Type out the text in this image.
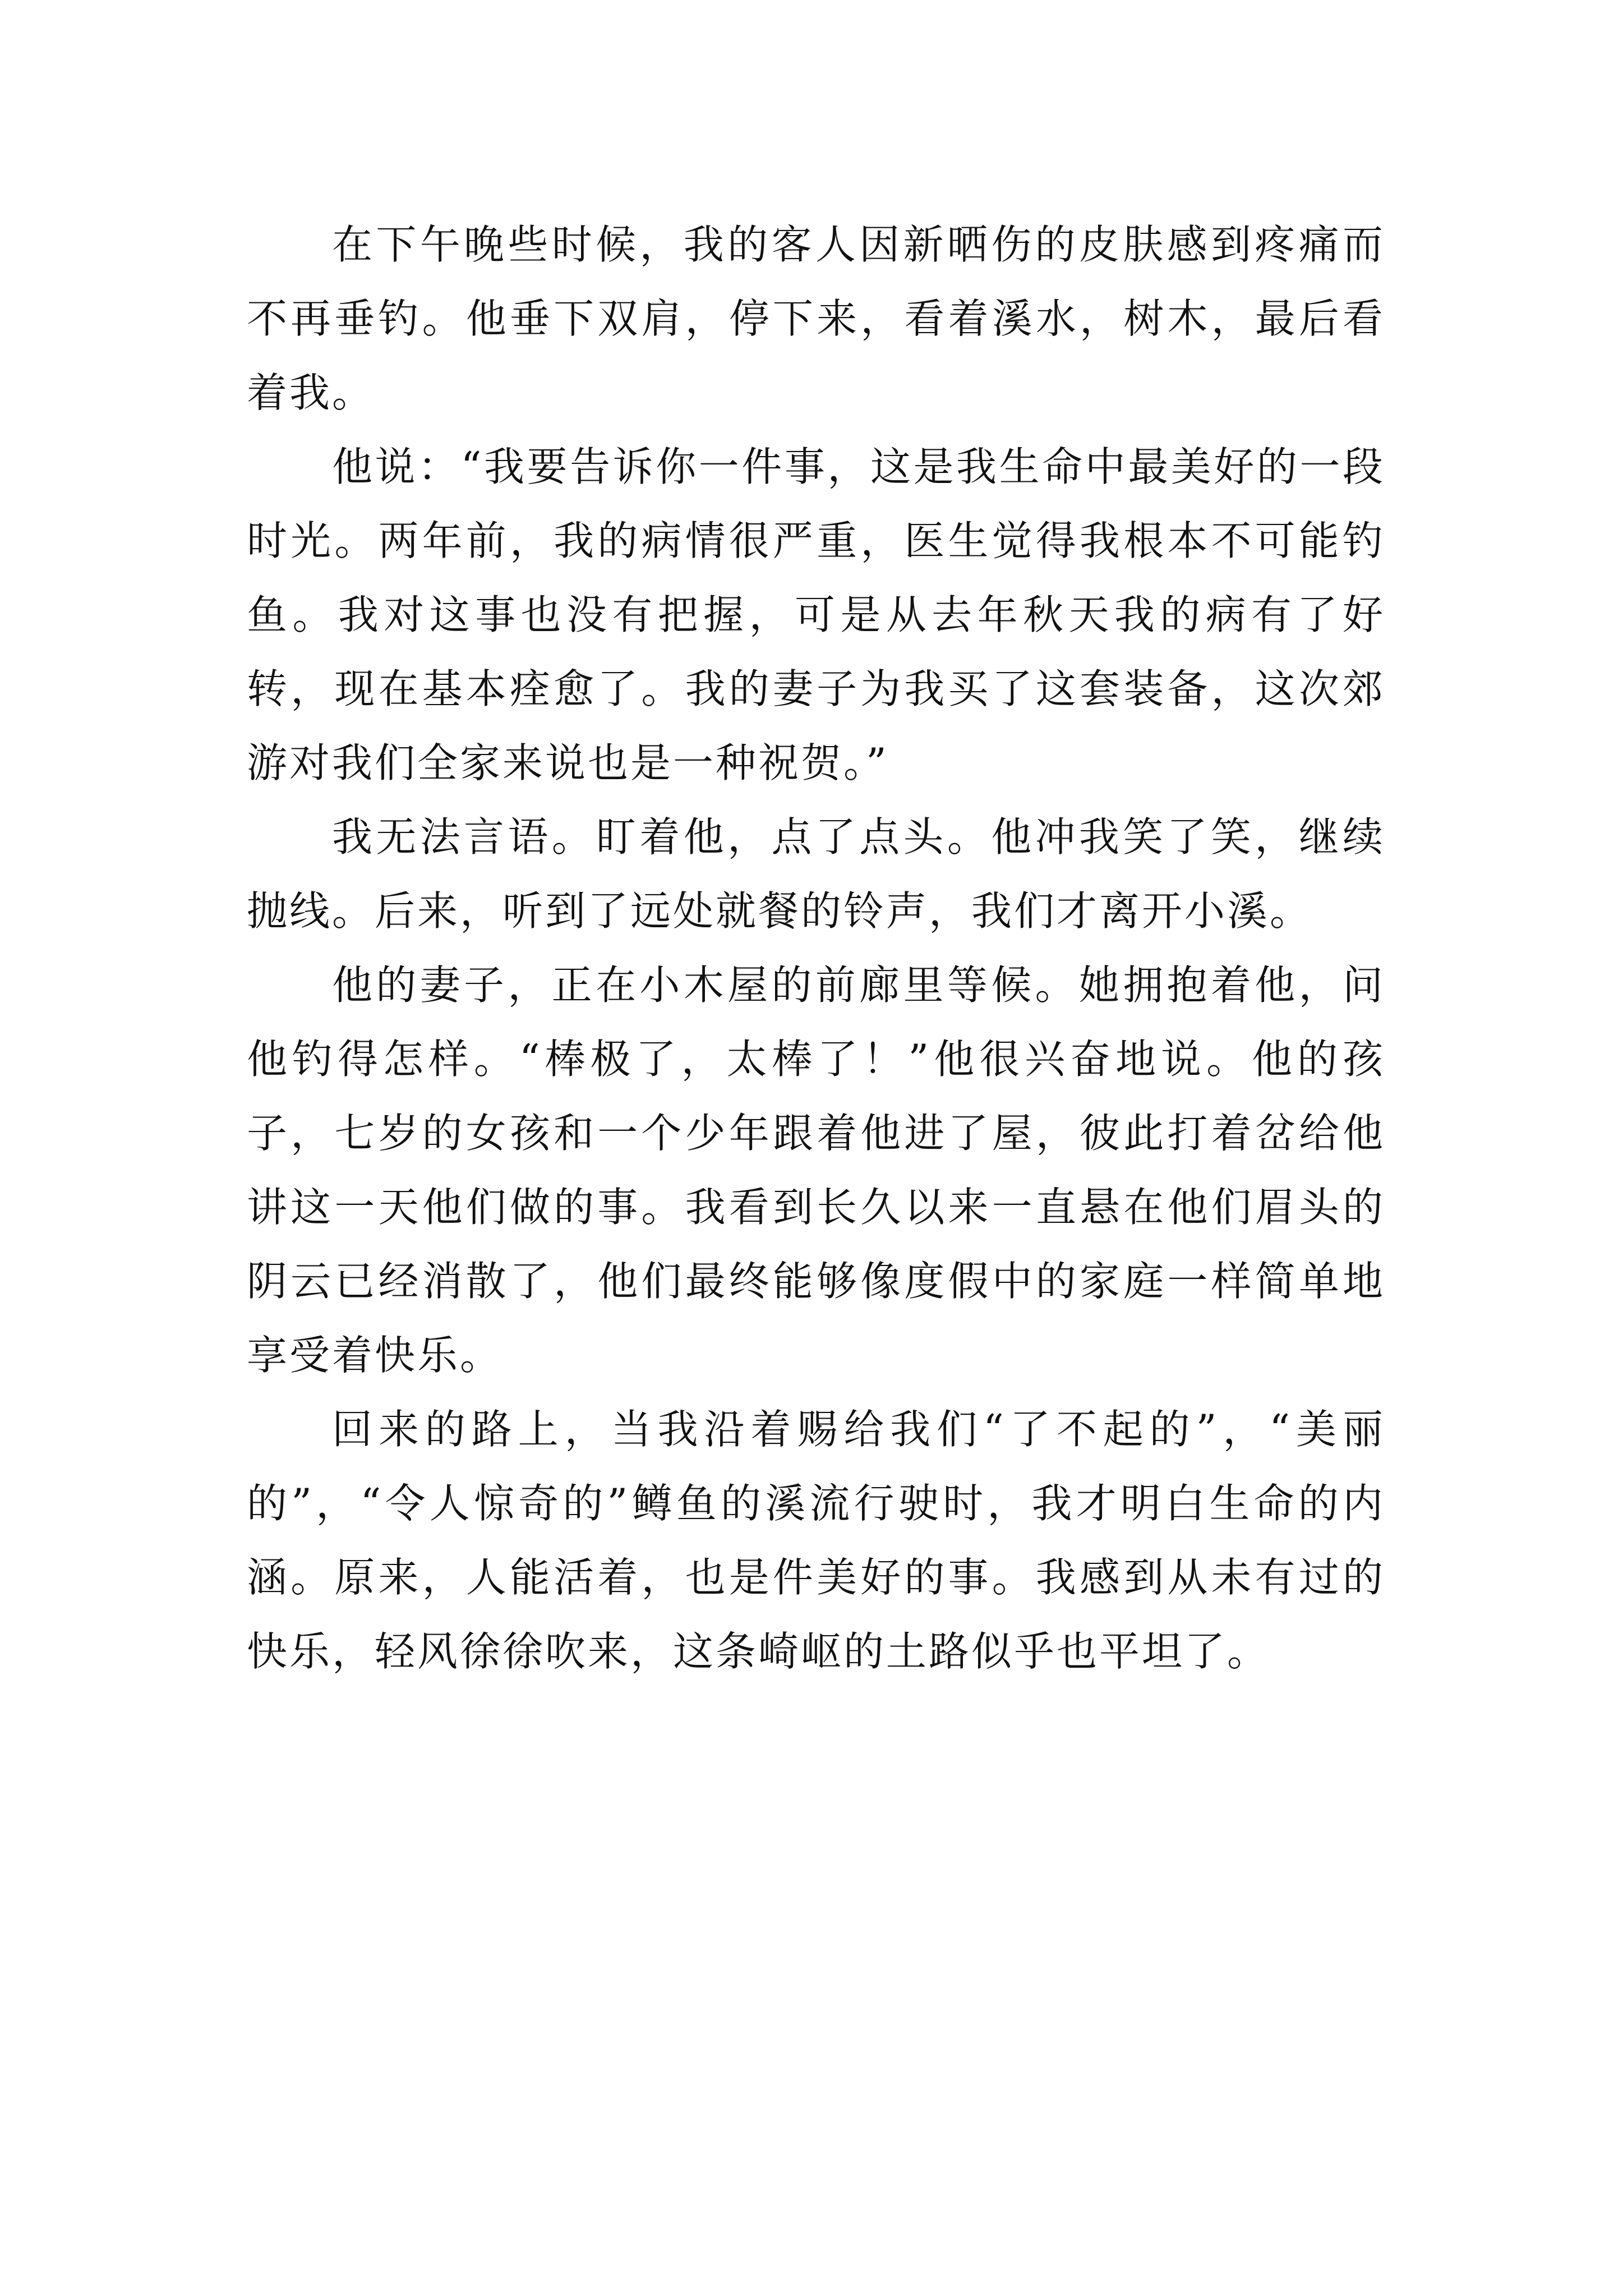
在下午晚些时候，我的客人因新晒伤的皮肤感到疼痛而不再垂钓。他垂下双肩，停下来，看着溪水，树木，最后看着我。

他说：“我要告诉你一件事，这是我生命中最美好的一段时光。两年前，我的病情很严重，医生觉得我根本不可能钓鱼。我对这事也没有把握，可是从去年秋天我的病有了好转，现在基本痊愈了。我的妻子为我买了这套装备，这次郊游对我们全家来说也是一种祝贺。”

我无法言语。盯着他，点了点头。他冲我笑了笑，继续抛线。后来，听到了远处就餐的铃声，我们才离开小溪。

他的妻子，正在小木屋的前廊里等候。她拥抱着他，问他钓得怎样。“棒极了，太棒了！”他很兴奋地说。他的孩子，七岁的女孩和一个少年跟着他进了屋，彼此打着岔给他讲这一天他们做的事。我看到长久以来一直悬在他们眉头的阴云已经消散了，他们最终能够像度假中的家庭一样简单地享受着快乐。

回来的路上，当我沿着赐给我们“了不起的”，“美丽的”，“令人惊奇的”鳟鱼的溪流行驶时，我才明白生命的内涵。原来，人能活着，也是件美好的事。我感到从未有过的快乐，轻风徐徐吹来，这条崎岖的土路似乎也平坦了。
